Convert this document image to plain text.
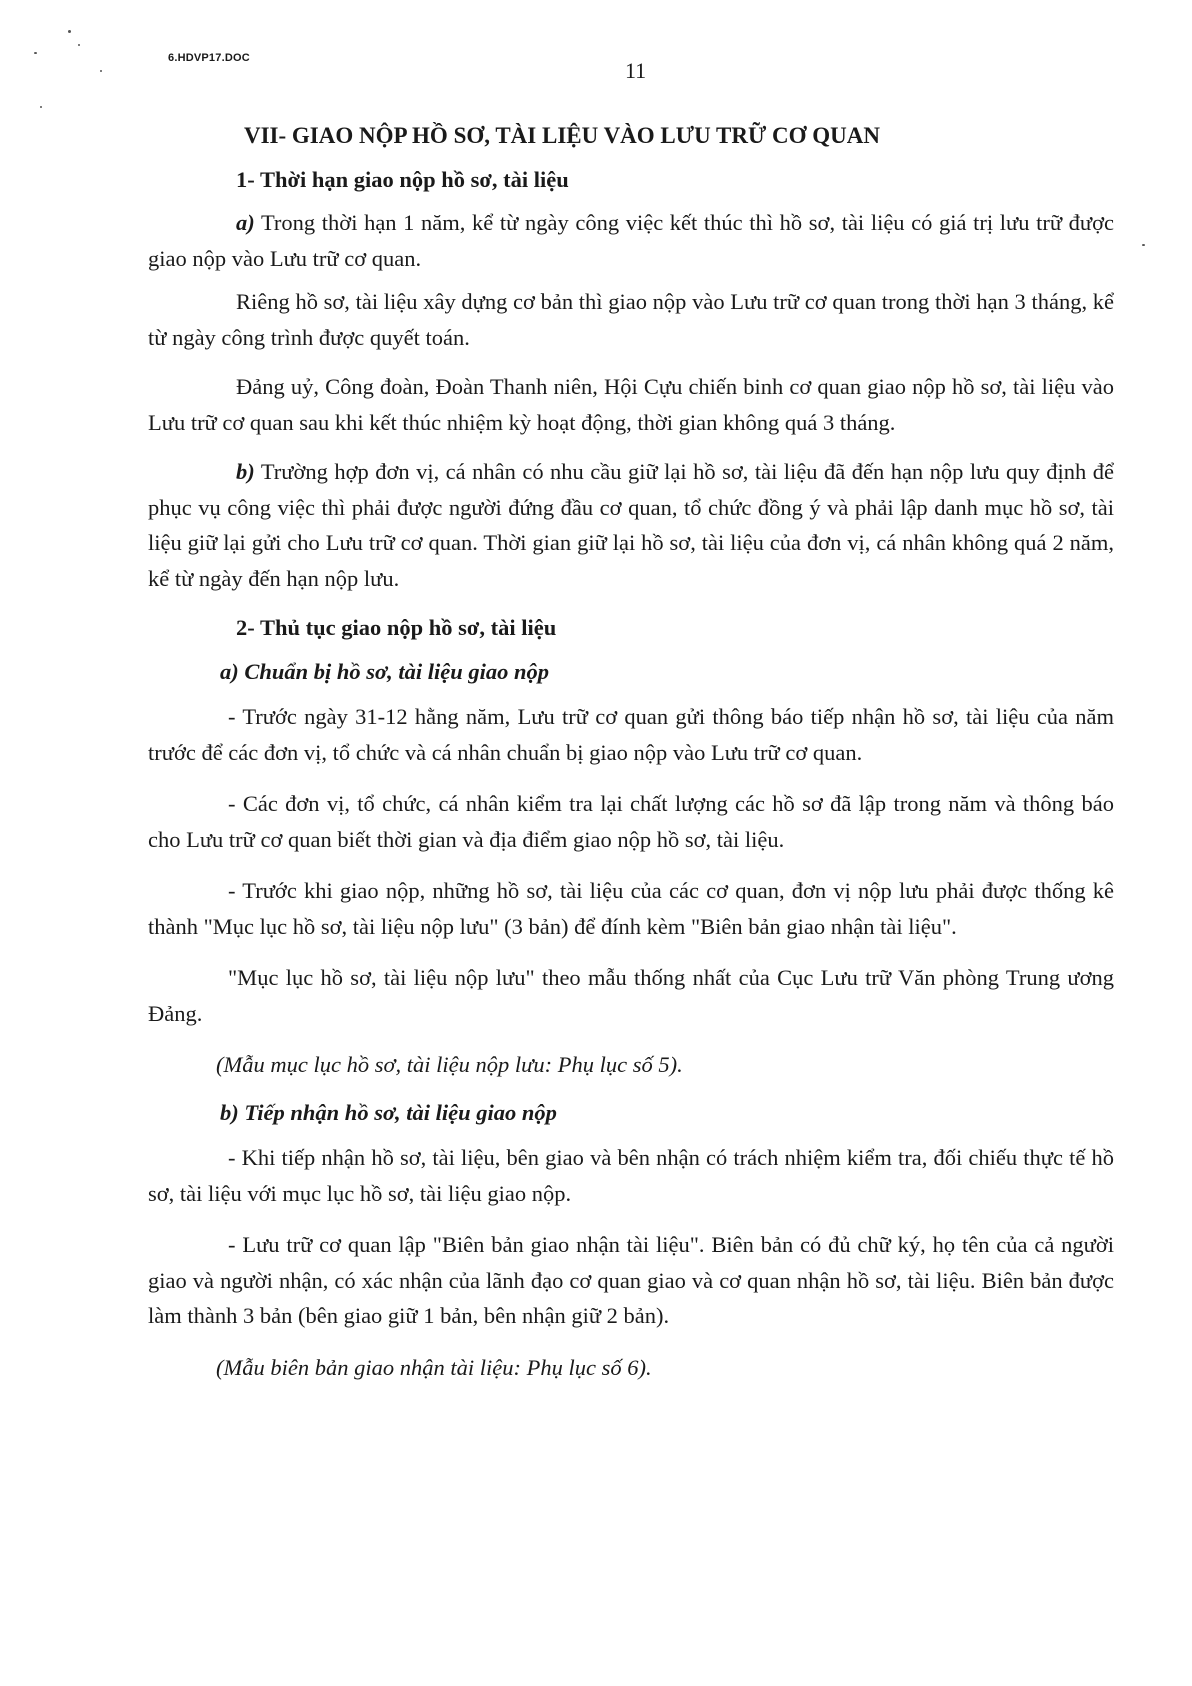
6.HDVP17.DOC	11

VII- GIAO NỘP HỒ SƠ, TÀI LIỆU VÀO LƯU TRỮ CƠ QUAN

1- Thời hạn giao nộp hồ sơ, tài liệu

a) Trong thời hạn 1 năm, kể từ ngày công việc kết thúc thì hồ sơ, tài liệu có giá trị lưu trữ được giao nộp vào Lưu trữ cơ quan.

Riêng hồ sơ, tài liệu xây dựng cơ bản thì giao nộp vào Lưu trữ cơ quan trong thời hạn 3 tháng, kể từ ngày công trình được quyết toán.

Đảng uỷ, Công đoàn, Đoàn Thanh niên, Hội Cựu chiến binh cơ quan giao nộp hồ sơ, tài liệu vào Lưu trữ cơ quan sau khi kết thúc nhiệm kỳ hoạt động, thời gian không quá 3 tháng.

b) Trường hợp đơn vị, cá nhân có nhu cầu giữ lại hồ sơ, tài liệu đã đến hạn nộp lưu quy định để phục vụ công việc thì phải được người đứng đầu cơ quan, tổ chức đồng ý và phải lập danh mục hồ sơ, tài liệu giữ lại gửi cho Lưu trữ cơ quan. Thời gian giữ lại hồ sơ, tài liệu của đơn vị, cá nhân không quá 2 năm, kể từ ngày đến hạn nộp lưu.

2- Thủ tục giao nộp hồ sơ, tài liệu

a) Chuẩn bị hồ sơ, tài liệu giao nộp

- Trước ngày 31-12 hằng năm, Lưu trữ cơ quan gửi thông báo tiếp nhận hồ sơ, tài liệu của năm trước để các đơn vị, tổ chức và cá nhân chuẩn bị giao nộp vào Lưu trữ cơ quan.

- Các đơn vị, tổ chức, cá nhân kiểm tra lại chất lượng các hồ sơ đã lập trong năm và thông báo cho Lưu trữ cơ quan biết thời gian và địa điểm giao nộp hồ sơ, tài liệu.

- Trước khi giao nộp, những hồ sơ, tài liệu của các cơ quan, đơn vị nộp lưu phải được thống kê thành "Mục lục hồ sơ, tài liệu nộp lưu" (3 bản) để đính kèm "Biên bản giao nhận tài liệu".

"Mục lục hồ sơ, tài liệu nộp lưu" theo mẫu thống nhất của Cục Lưu trữ Văn phòng Trung ương Đảng.

(Mẫu mục lục hồ sơ, tài liệu nộp lưu: Phụ lục số 5).

b) Tiếp nhận hồ sơ, tài liệu giao nộp

- Khi tiếp nhận hồ sơ, tài liệu, bên giao và bên nhận có trách nhiệm kiểm tra, đối chiếu thực tế hồ sơ, tài liệu với mục lục hồ sơ, tài liệu giao nộp.

- Lưu trữ cơ quan lập "Biên bản giao nhận tài liệu". Biên bản có đủ chữ ký, họ tên của cả người giao và người nhận, có xác nhận của lãnh đạo cơ quan giao và cơ quan nhận hồ sơ, tài liệu. Biên bản được làm thành 3 bản (bên giao giữ 1 bản, bên nhận giữ 2 bản).

(Mẫu biên bản giao nhận tài liệu: Phụ lục số 6).
